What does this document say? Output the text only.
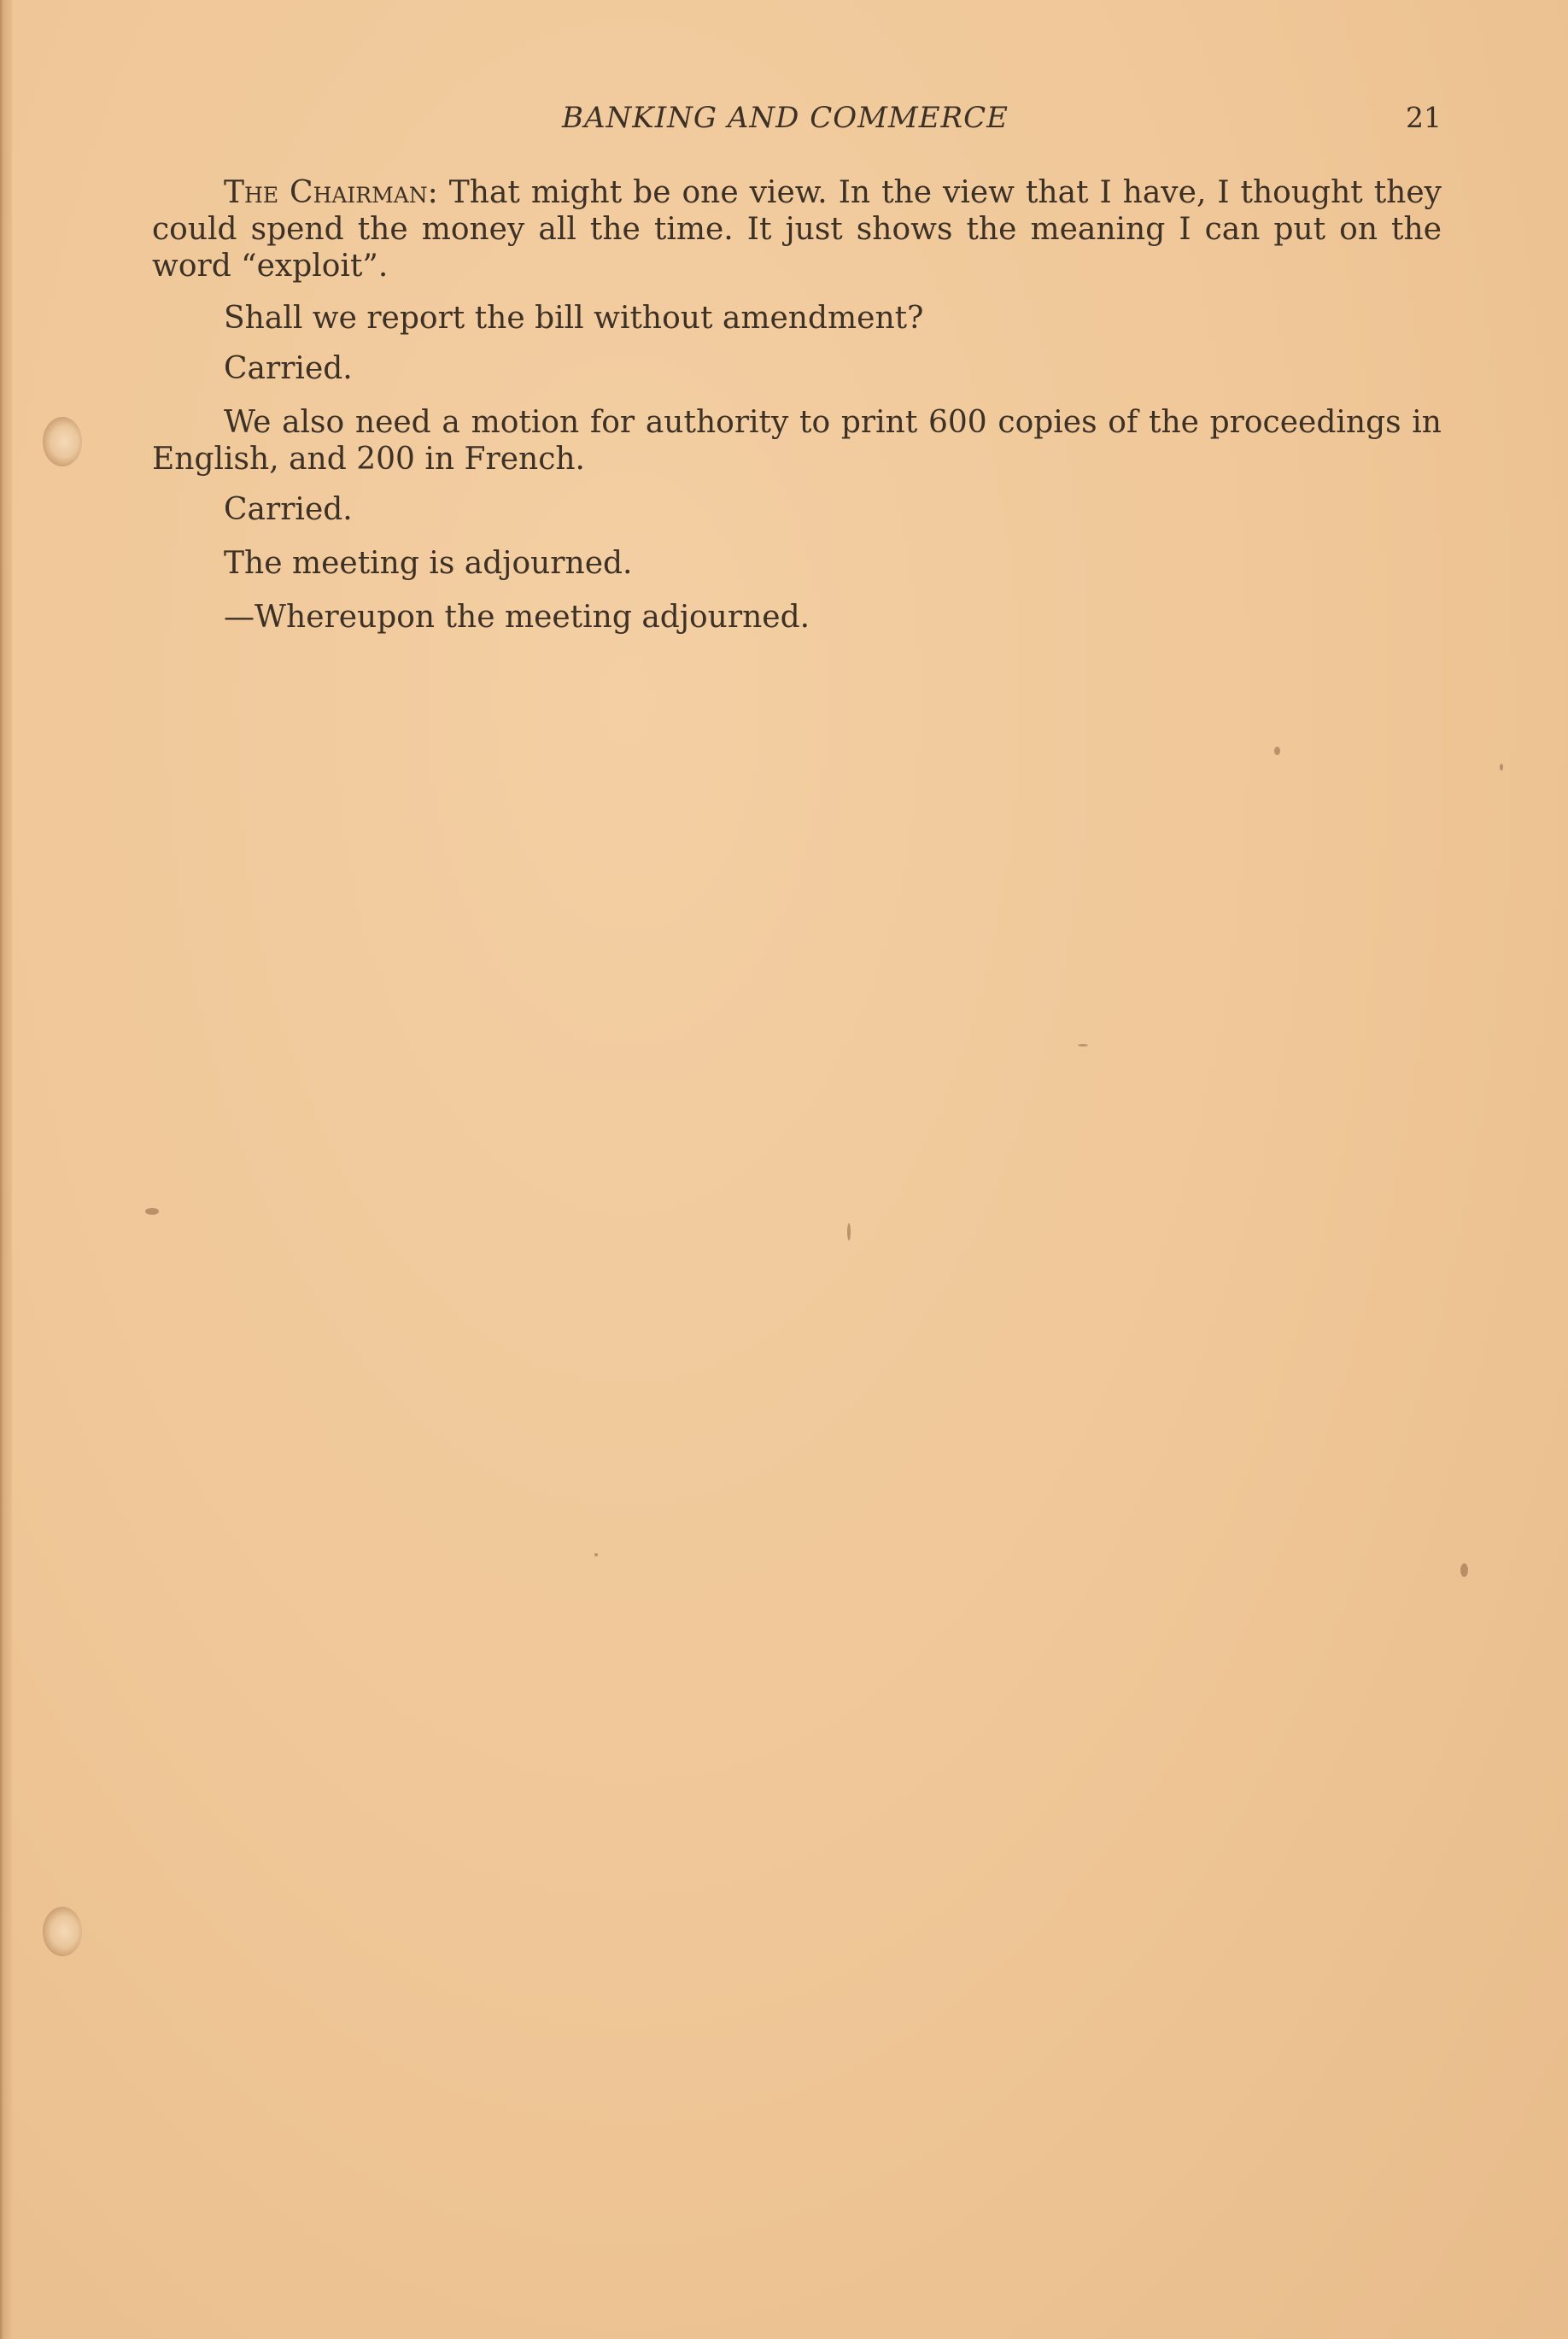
BANKING AND COMMERCE	21

The Chairman: That might be one view. In the view that I have, I thought they could spend the money all the time. It just shows the meaning I can put on the word “exploit”.

Shall we report the bill without amendment?

Carried.

We also need a motion for authority to print 600 copies of the proceedings in English, and 200 in French.

Carried.

The meeting is adjourned.

—Whereupon the meeting adjourned.
